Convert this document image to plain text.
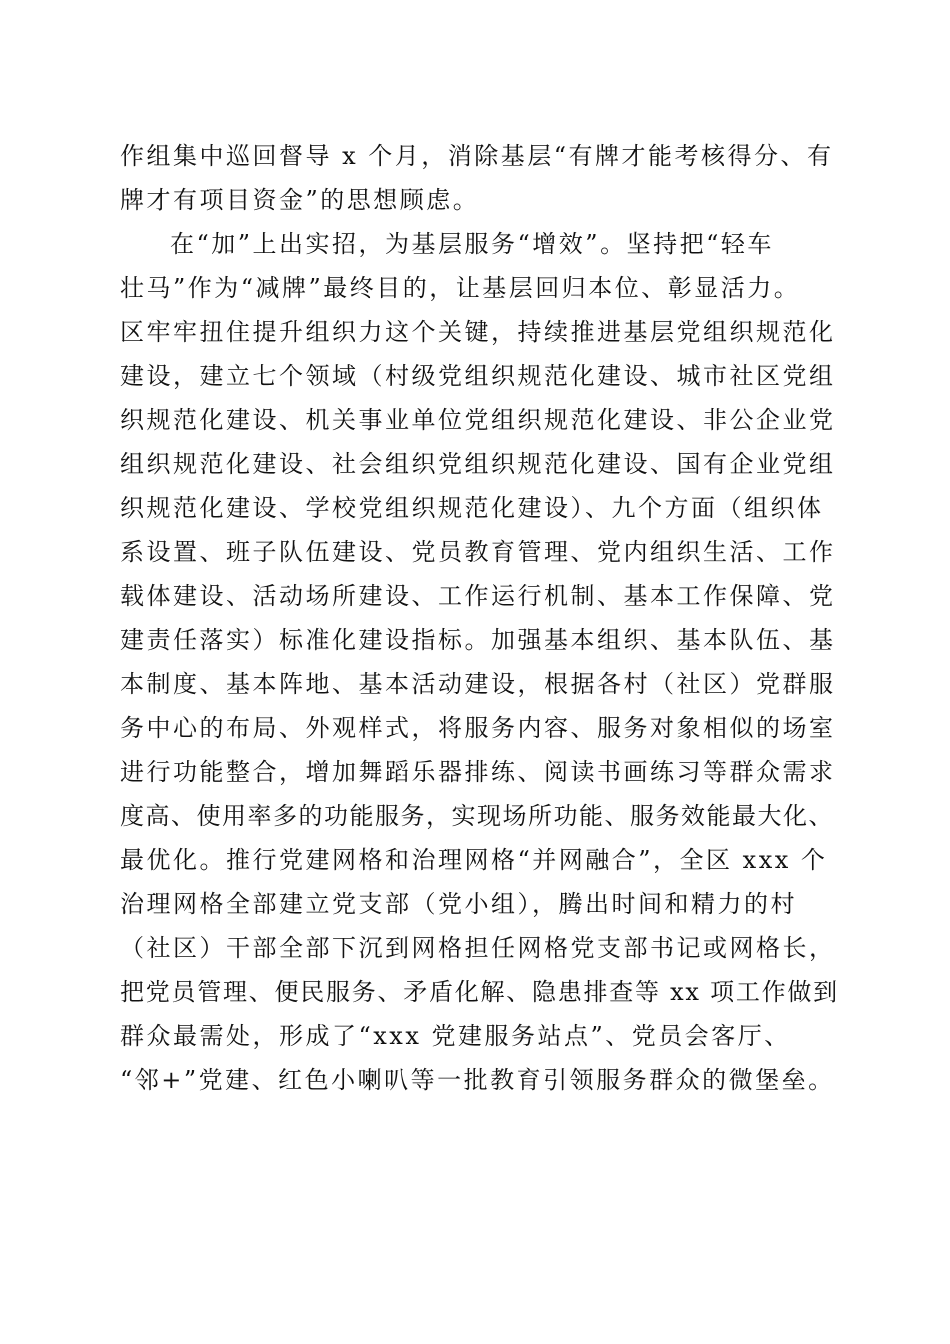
作组集中巡回督导 x 个月，消除基层“有牌才能考核得分、有
牌才有项目资金”的思想顾虑。
在“加”上出实招，为基层服务“增效”。坚持把“轻车
壮马”作为“减牌”最终目的，让基层回归本位、彰显活力。
区牢牢扭住提升组织力这个关键，持续推进基层党组织规范化
建设，建立七个领域（村级党组织规范化建设、城市社区党组
织规范化建设、机关事业单位党组织规范化建设、非公企业党
组织规范化建设、社会组织党组织规范化建设、国有企业党组
织规范化建设、学校党组织规范化建设）、九个方面（组织体
系设置、班子队伍建设、党员教育管理、党内组织生活、工作
载体建设、活动场所建设、工作运行机制、基本工作保障、党
建责任落实）标准化建设指标。加强基本组织、基本队伍、基
本制度、基本阵地、基本活动建设，根据各村（社区）党群服
务中心的布局、外观样式，将服务内容、服务对象相似的场室
进行功能整合，增加舞蹈乐器排练、阅读书画练习等群众需求
度高、使用率多的功能服务，实现场所功能、服务效能最大化、
最优化。推行党建网格和治理网格“并网融合”，全区 xxx 个
治理网格全部建立党支部（党小组），腾出时间和精力的村
（社区）干部全部下沉到网格担任网格党支部书记或网格长，
把党员管理、便民服务、矛盾化解、隐患排查等 xx 项工作做到
群众最需处，形成了“xxx 党建服务站点”、党员会客厅、
“邻+”党建、红色小喇叭等一批教育引领服务群众的微堡垒。
